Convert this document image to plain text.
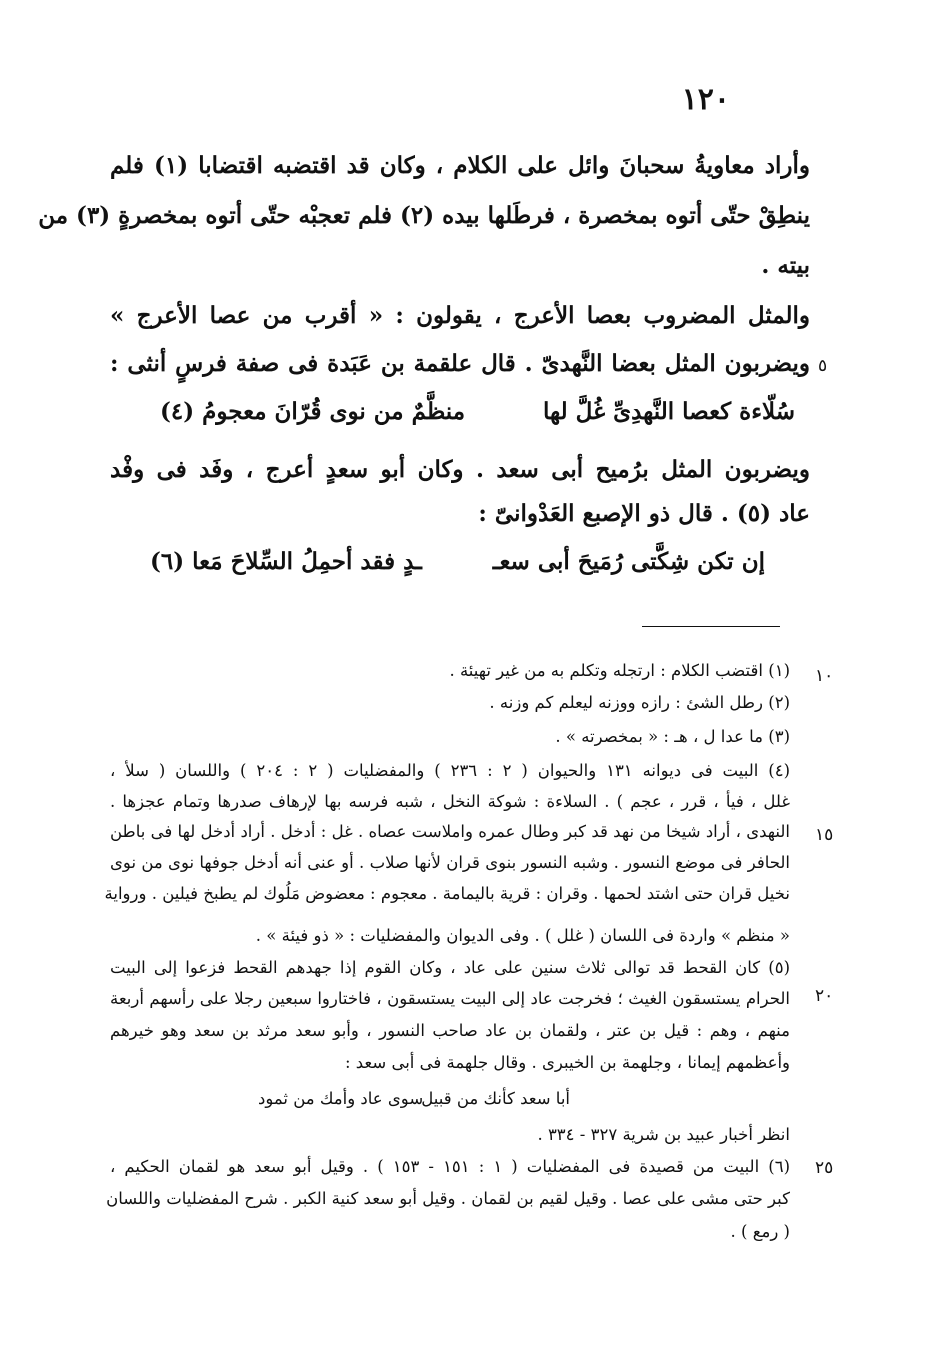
١٢٠
وأراد معاويةُ سحبانَ وائل على الكلام ، وكان قد اقتضبه اقتضابا (١) فلم
ينطِقْ حتّى أتوه بمخصرة ، فرطَلها بيده (٢) فلم تعجبْه حتّى أتوه بمخصرةٍ (٣) من
بيته .
والمثل المضروب بعصا الأعرج ، يقولون : « أقرب من عصا الأعرج »
ويضربون المثل بعضا النَّهدىّ . قال علقمة بن عَبَدة فى صفة فرسٍ أنثى :
سُلّاءة كعصا النَّهدِىِّ غُلَّ لها
منظَّمٌ من نوى قُرّانَ معجومُ (٤)
ويضربون المثل برُميح أبى سعد . وكان أبو سعدٍ أعرج ، وفَد فى وفْد
عاد (٥) . قال ذو الإصبع العَدْوانىّ :
إن تكن شِكَّتى رُمَيحَ أبى سعـ
ـدٍ فقد أحمِلُ السِّلاحَ مَعا (٦)
٥
١٠
١٥
٢٠
٢٥
(١) اقتضب الكلام : ارتجله وتكلم به من غير تهيئة .
(٢) رطل الشئ : رازه ووزنه ليعلم كم وزنه .
(٣) ما عدا ل ، هـ : « بمخصرته » .
(٤) البيت فى ديوانه ١٣١ والحيوان ( ٢ : ٢٣٦ ) والمفضليات ( ٢ : ٢٠٤ ) واللسان ( سلأ ،
غلل ، فيأ ، قرر ، عجم ) . السلاءة : شوكة النخل ، شبه فرسه بها لإرهاف صدرها وتمام عجزها .
النهدى ، أراد شيخا من نهد قد كبر وطال عمره واملاست عصاه . غل : أدخل . أراد أدخل لها فى باطن
الحافر فى موضع النسور . وشبه النسور بنوى قران لأنها صلاب . أو عنى أنه أدخل جوفها نوى من نوى
نخيل قران حتى اشتد لحمها . وقران : قرية باليمامة . معجوم : معضوض مَلُوك لم يطبخ فيلين . ورواية
« منظم » واردة فى اللسان ( غلل ) . وفى الديوان والمفضليات : « ذو فيئة » .
(٥) كان القحط قد توالى ثلاث سنين على عاد ، وكان القوم إذا جهدهم القحط فزعوا إلى البيت
الحرام يستسقون الغيث ؛ فخرجت عاد إلى البيت يستسقون ، فاختاروا سبعين رجلا على رأسهم أربعة
منهم ، وهم : قيل بن عتر ، ولقمان بن عاد صاحب النسور ، وأبو سعد مرثد بن سعد وهو خيرهم
وأعظمهم إيمانا ، وجلهمة بن الخيبرى . وقال جلهمة فى أبى سعد :
أبا سعد كأنك من قبيل
سوى عاد وأمك من ثمود
انظر أخبار عبيد بن شرية ٣٢٧ - ٣٣٤ .
(٦) البيت من قصيدة فى المفضليات ( ١ : ١٥١ - ١٥٣ ) . وقيل أبو سعد هو لقمان الحكيم ،
كبر حتى مشى على عصا . وقيل لقيم بن لقمان . وقيل أبو سعد كنية الكبر . شرح المفضليات واللسان
( رمع ) .
